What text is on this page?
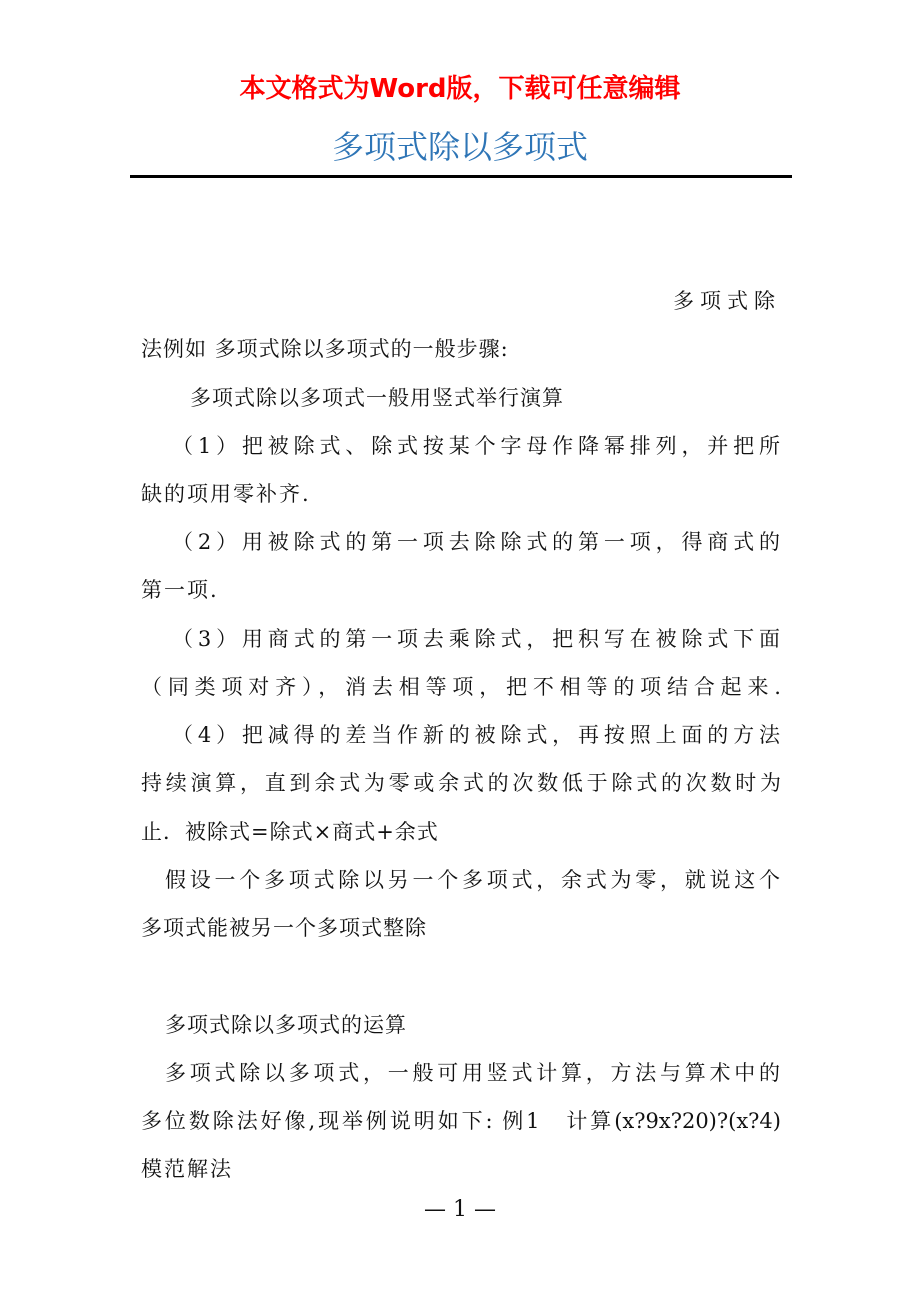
本文格式为Word版，下载可任意编辑
多项式除以多项式
多项式除
法例如 多项式除以多项式的一般步骤:
多项式除以多项式一般用竖式举行演算
（1）把被除式、除式按某个字母作降幂排列，并把所
缺的项用零补齐.
（2）用被除式的第一项去除除式的第一项，得商式的
第一项.
（3）用商式的第一项去乘除式，把积写在被除式下面
（同类项对齐），消去相等项，把不相等的项结合起来.
（4）把减得的差当作新的被除式，再按照上面的方法
持续演算，直到余式为零或余式的次数低于除式的次数时为
止．被除式=除式×商式+余式
假设一个多项式除以另一个多项式，余式为零，就说这个
多项式能被另一个多项式整除
多项式除以多项式的运算
多项式除以多项式，一般可用竖式计算，方法与算术中的
多位数除法好像,现举例说明如下: 例1　计算(x?9x?20)?(x?4)
模范解法
— 1 —
